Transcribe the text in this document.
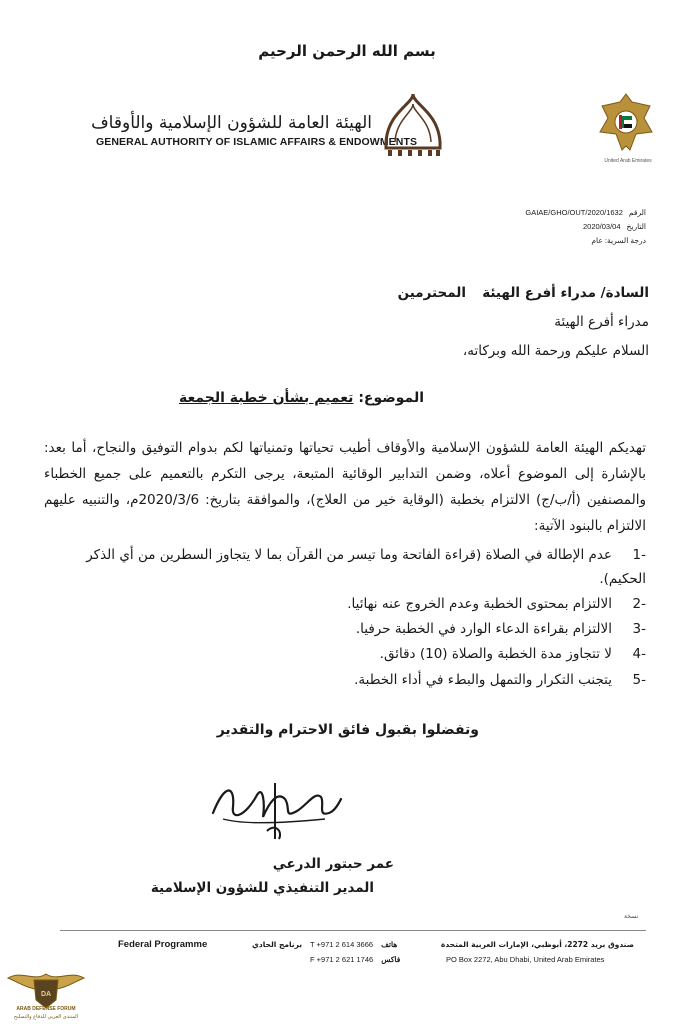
بسم الله الرحمن الرحيم
الهيئة العامة للشؤون الإسلامية والأوقاف
GENERAL AUTHORITY OF ISLAMIC AFFAIRS & ENDOWMENTS
United Arab Emirates
الرقمGAIAE/GHO/OUT/2020/1632
التاريخ2020/03/04
درجة السرية: عام
السادة/ مدراء أفرع الهيئة
المحترمين
مدراء أفرع الهيئة
السلام عليكم ورحمة الله وبركاته،
الموضوع: تعميم بشأن خطبة الجمعة
تهديكم الهيئة العامة للشؤون الإسلامية والأوقاف أطيب تحياتها وتمنياتها لكم بدوام التوفيق والنجاح، أما بعد: بالإشارة إلى الموضوع أعلاه، وضمن التدابير الوقائية المتبعة، يرجى التكرم بالتعميم على جميع الخطباء والمصنفين (أ/ب/ج) الالتزام بخطبة (الوقاية خير من العلاج)، والموافقة بتاريخ: 2020/3/6م، والتنبيه عليهم الالتزام بالبنود الآتية:
-1عدم الإطالة في الصلاة (قراءة الفاتحة وما تيسر من القرآن بما لا يتجاوز السطرين من أي الذكر الحكيم).
-2الالتزام بمحتوى الخطبة وعدم الخروج عنه نهائيا.
-3الالتزام بقراءة الدعاء الوارد في الخطبة حرفيا.
-4لا تتجاوز مدة الخطبة والصلاة (10) دقائق.
-5يتجنب التكرار والتمهل والبطء في أداء الخطبة.
وتفضلوا بقبول فائق الاحترام والتقدير
عمر حبتور الدرعي
المدير التنفيذي للشؤون الإسلامية
نسخة
Federal Programme	برنامج الحادي T +971 2 614 3666 هاتف
F +971 2 621 1746 فاكس
صندوق بريد 2272، أبوظبي، الإمارات العربية المتحدة
PO Box 2272, Abu Dhabi, United Arab Emirates
DA
ARAB DEFENSE FORUM
المنتدى العربي للدفاع والتسليح
